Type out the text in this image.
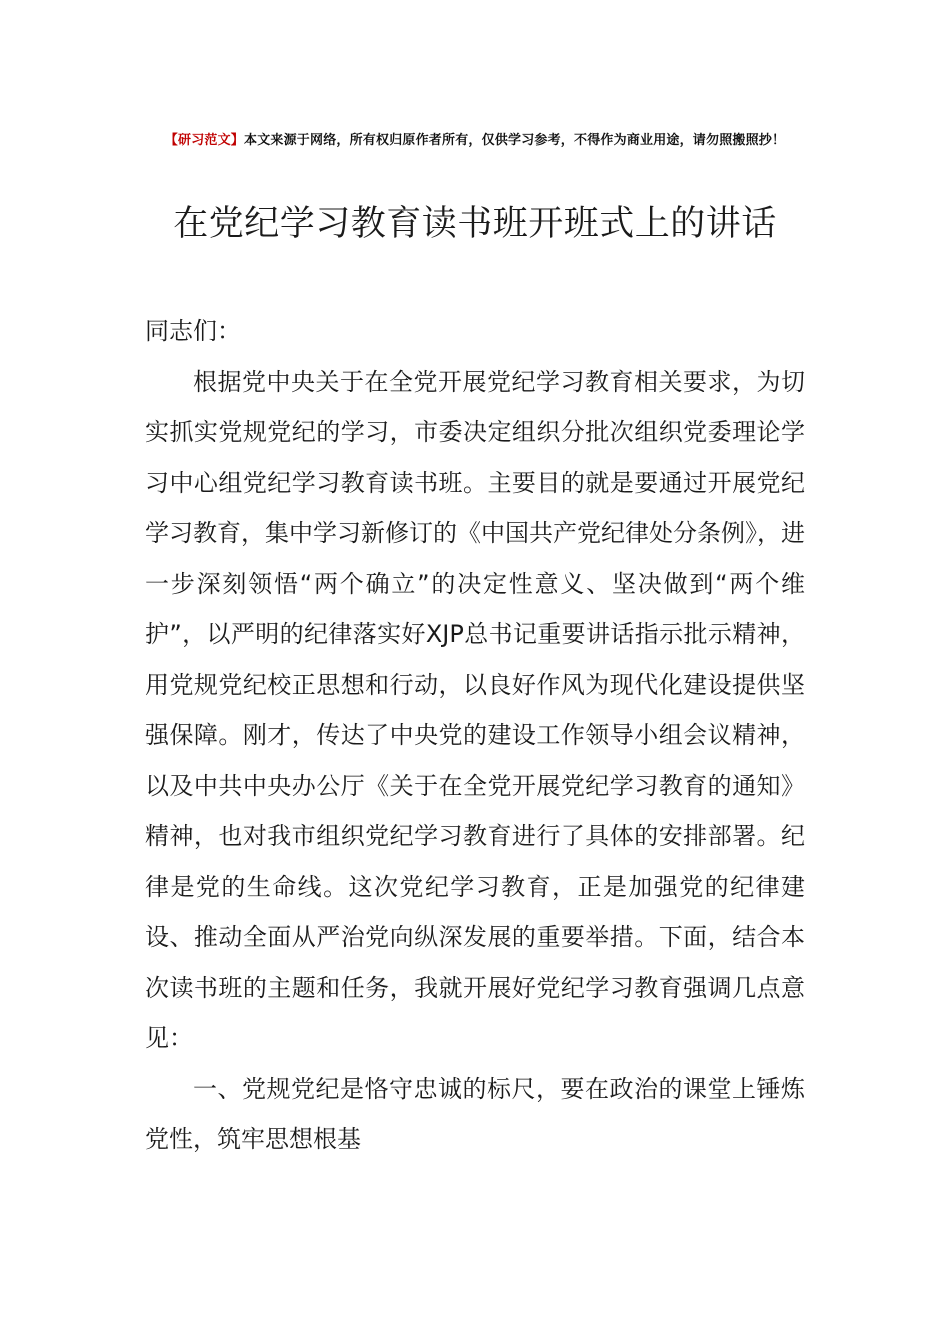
【研习范文】本文来源于网络，所有权归原作者所有，仅供学习参考，不得作为商业用途，请勿照搬照抄！
在党纪学习教育读书班开班式上的讲话

同志们：

根据党中央关于在全党开展党纪学习教育相关要求，为切实抓实党规党纪的学习，市委决定组织分批次组织党委理论学习中心组党纪学习教育读书班。主要目的就是要通过开展党纪学习教育，集中学习新修订的《中国共产党纪律处分条例》，进一步深刻领悟“两个确立”的决定性意义、坚决做到“两个维护”，以严明的纪律落实好XJP总书记重要讲话指示批示精神，用党规党纪校正思想和行动，以良好作风为现代化建设提供坚强保障。刚才，传达了中央党的建设工作领导小组会议精神，以及中共中央办公厅《关于在全党开展党纪学习教育的通知》精神，也对我市组织党纪学习教育进行了具体的安排部署。纪律是党的生命线。这次党纪学习教育，正是加强党的纪律建设、推动全面从严治党向纵深发展的重要举措。下面，结合本次读书班的主题和任务，我就开展好党纪学习教育强调几点意见：

一、党规党纪是恪守忠诚的标尺，要在政治的课堂上锤炼党性，筑牢思想根基
